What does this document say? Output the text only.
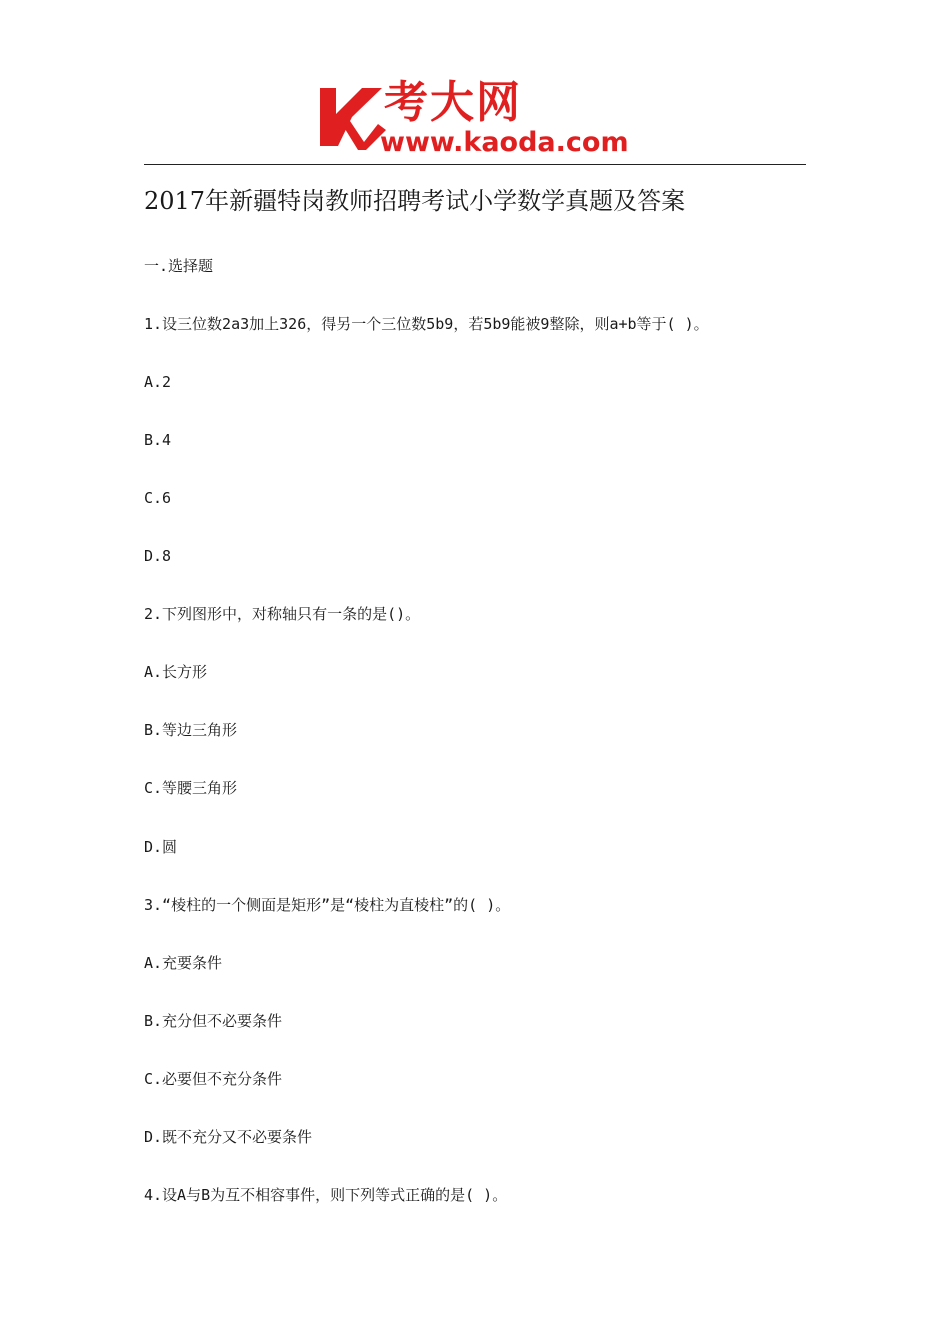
考大网
www.kaoda.com
2017年新疆特岗教师招聘考试小学数学真题及答案
一.选择题
1.设三位数2a3加上326，得另一个三位数5b9，若5b9能被9整除，则a+b等于( )。
A.2
B.4
C.6
D.8
2.下列图形中，对称轴只有一条的是()。
A.长方形
B.等边三角形
C.等腰三角形
D.圆
3.“棱柱的一个侧面是矩形”是“棱柱为直棱柱”的( )。
A.充要条件
B.充分但不必要条件
C.必要但不充分条件
D.既不充分又不必要条件
4.设A与B为互不相容事件，则下列等式正确的是( )。
